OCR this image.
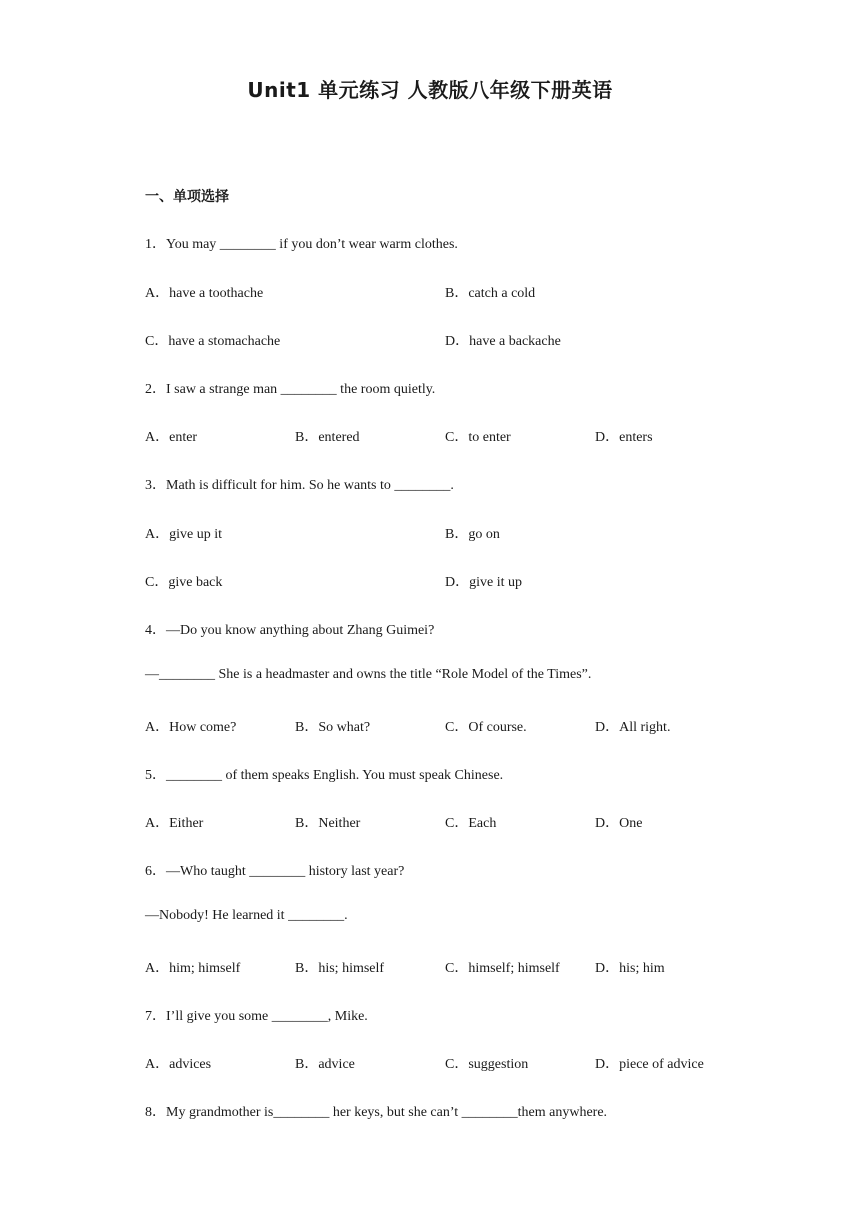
Unit1 单元练习 人教版八年级下册英语
一、单项选择
1．You may ________ if you don’t wear warm clothes.
A．have a toothache	B．catch a cold
C．have a stomachache	D．have a backache
2．I saw a strange man ________ the room quietly.
A．enter	B．entered	C．to enter	D．enters
3．Math is difficult for him. So he wants to ________.
A．give up it	B．go on
C．give back	D．give it up
4．—Do you know anything about Zhang Guimei?
—________ She is a headmaster and owns the title “Role Model of the Times”.
A．How come?	B．So what?	C．Of course.	D．All right.
5．________ of them speaks English. You must speak Chinese.
A．Either	B．Neither	C．Each	D．One
6．—Who taught ________ history last year?
—Nobody! He learned it ________.
A．him; himself	B．his; himself	C．himself; himself	D．his; him
7．I’ll give you some ________, Mike.
A．advices	B．advice	C．suggestion	D．piece of advice
8．My grandmother is________ her keys, but she can’t ________them anywhere.
